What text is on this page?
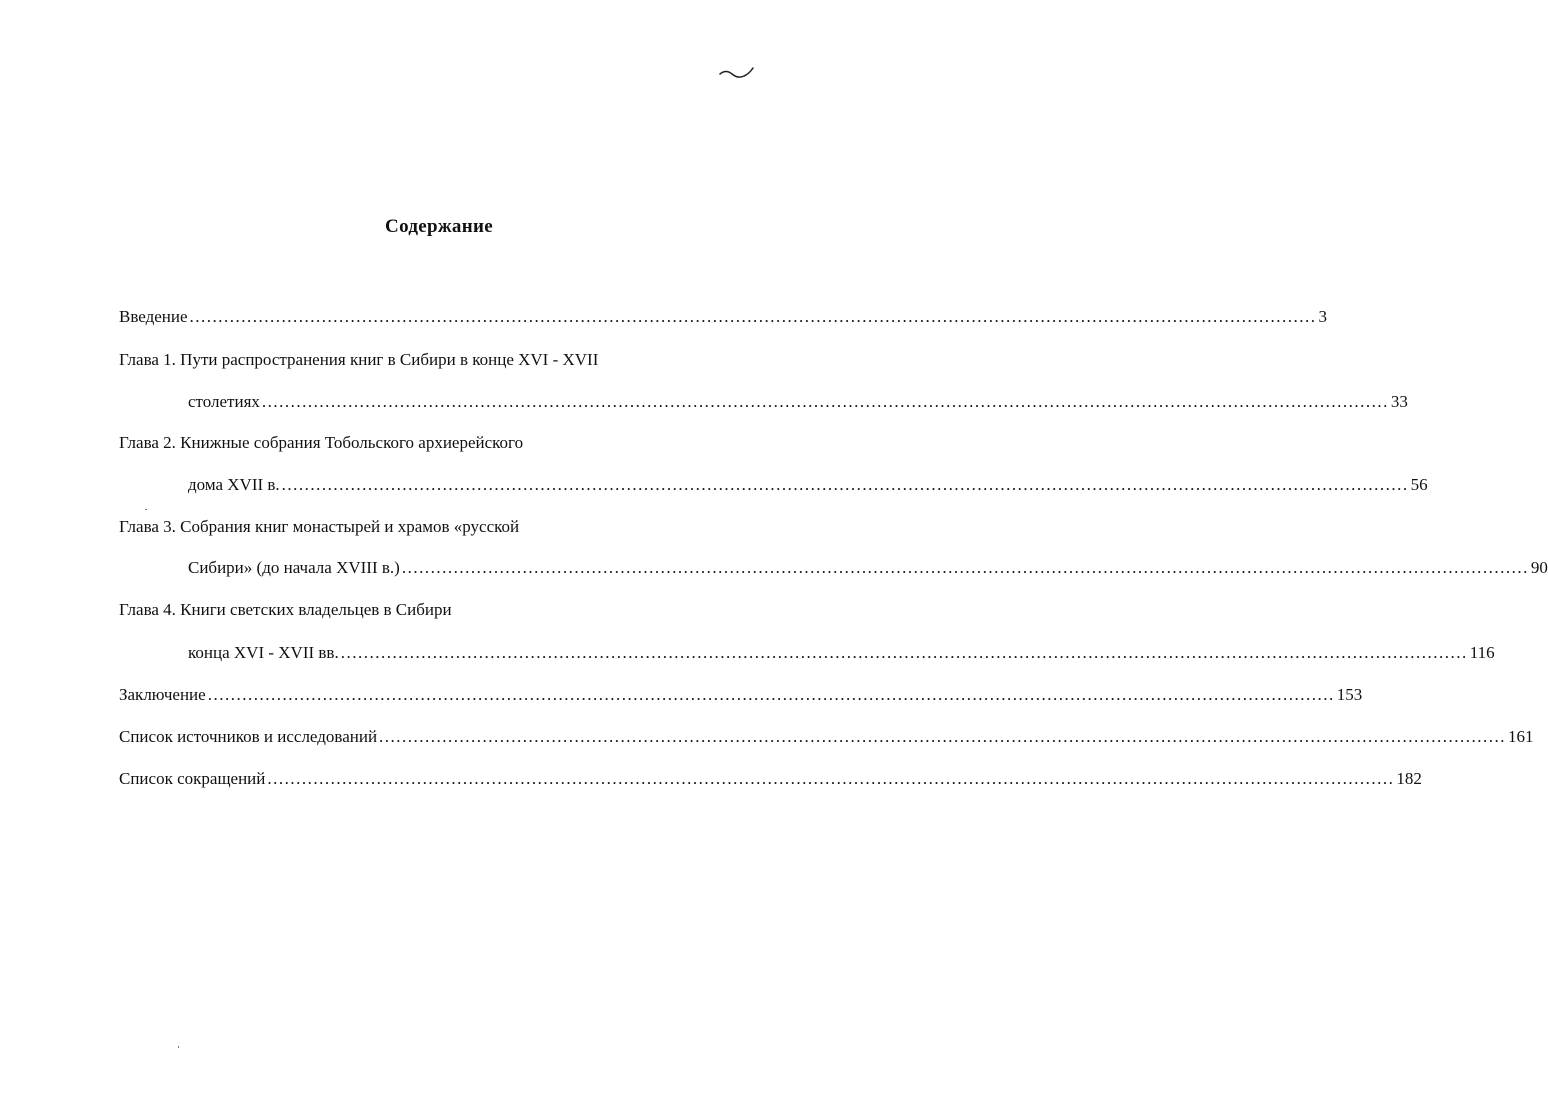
Содержание
Введение .................................................................................................................................................................................................... 3
Глава 1. Пути распространения книг в Сибири в конце XVI - XVII
столетиях .................................................................................................................................................................................................... 33
Глава 2. Книжные собрания Тобольского архиерейского
дома XVII в. .................................................................................................................................................................................................... 56
Глава 3. Собрания книг монастырей и храмов «русской
Сибири» (до начала XVIII в.) .................................................................................................................................................................................................... 90
Глава 4. Книги светских владельцев в Сибири
конца XVI - XVII вв. .................................................................................................................................................................................................... 116
Заключение .................................................................................................................................................................................................... 153
Список источников и исследований .................................................................................................................................................................................................... 161
Список сокращений .................................................................................................................................................................................................... 182
